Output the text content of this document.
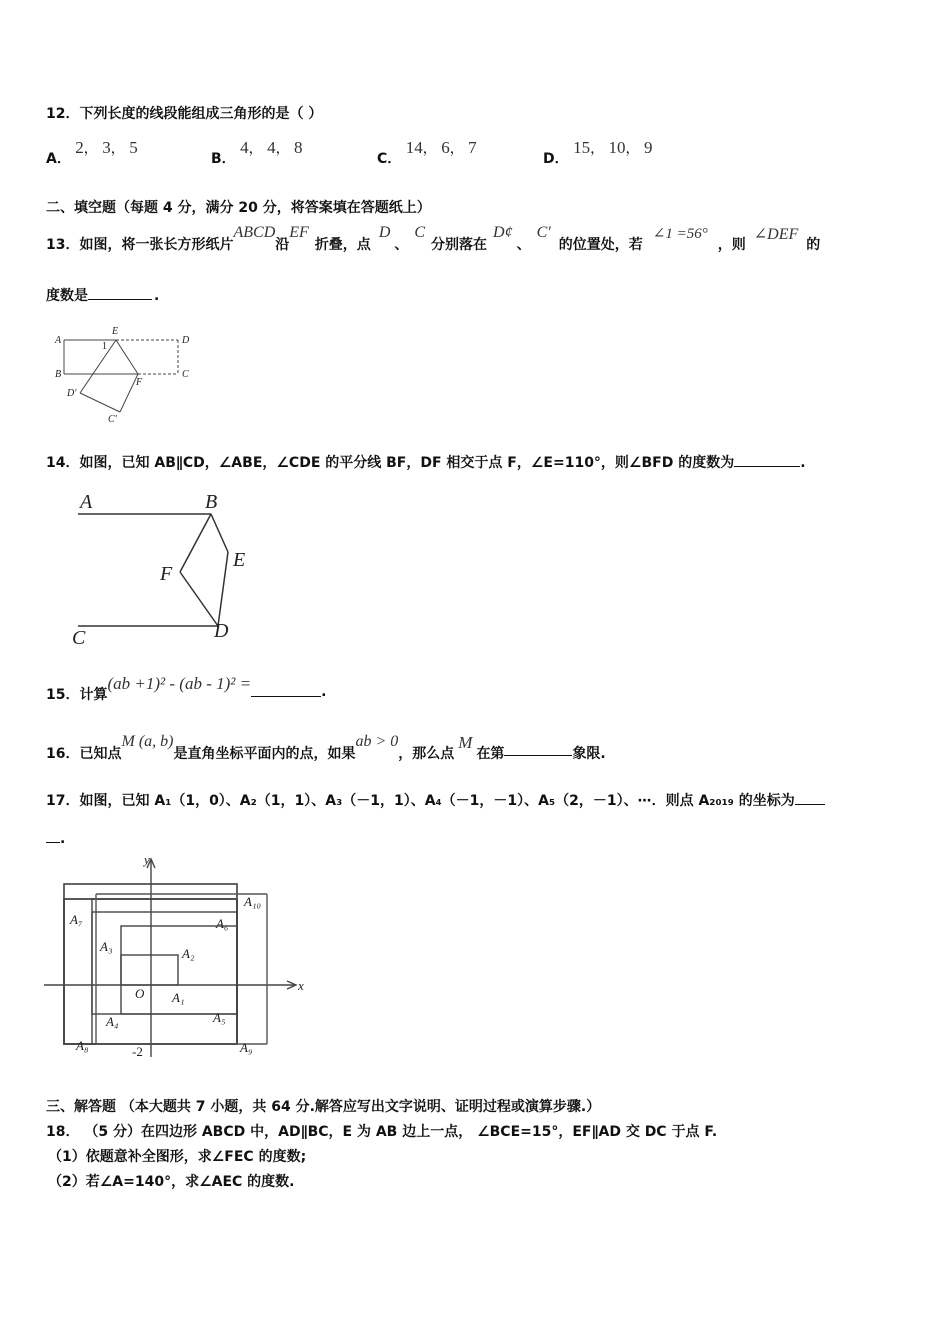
12．下列长度的线段能组成三角形的是（ ）
A． 2， 3， 5
B． 4， 4， 8
C． 14， 6， 7
D． 15， 10， 9
二、填空题（每题 4 分，满分 20 分，将答案填在答题纸上）
13． 如图，将一张长方形纸片
ABCD
沿
EF
折叠，点
D
、
C
分别落在
D¢
、
C′
的位置处，若
∠1 =56°
，则
∠DEF
的
度数是	.
A
E
D
1
B
F
C
D′
C′
14．如图，已知 AB∥CD，∠ABE，∠CDE 的平分线 BF，DF 相交于点 F，∠E=110°，则∠BFD 的度数为	.
A	B
E
F
C	D
15． 计算
(ab +1)² - (ab - 1)² =	.
16． 已知点
M (a, b)
是直角坐标平面内的点，如果
ab > 0
，那么点
M
在第	象限.
17．如图，已知 A₁（1，0）、A₂（1，1）、A₃（－1，1）、A₄（－1，－1）、A₅（2，－1）、⋯．则点 A₂₀₁₉ 的坐标为
.
y
x
O
-2
A₁
A₂
A₃
A₄	A₅
A₆
A₇
A₈	A₉
A₁₀
三、解答题 （本大题共 7 小题，共 64 分.解答应写出文字说明、证明过程或演算步骤.）
18． （5 分）在四边形 ABCD 中，AD∥BC，E 为 AB 边上一点， ∠BCE=15°，EF∥AD 交 DC 于点 F.
（1）依题意补全图形，求∠FEC 的度数;
（2）若∠A=140°，求∠AEC 的度数.
